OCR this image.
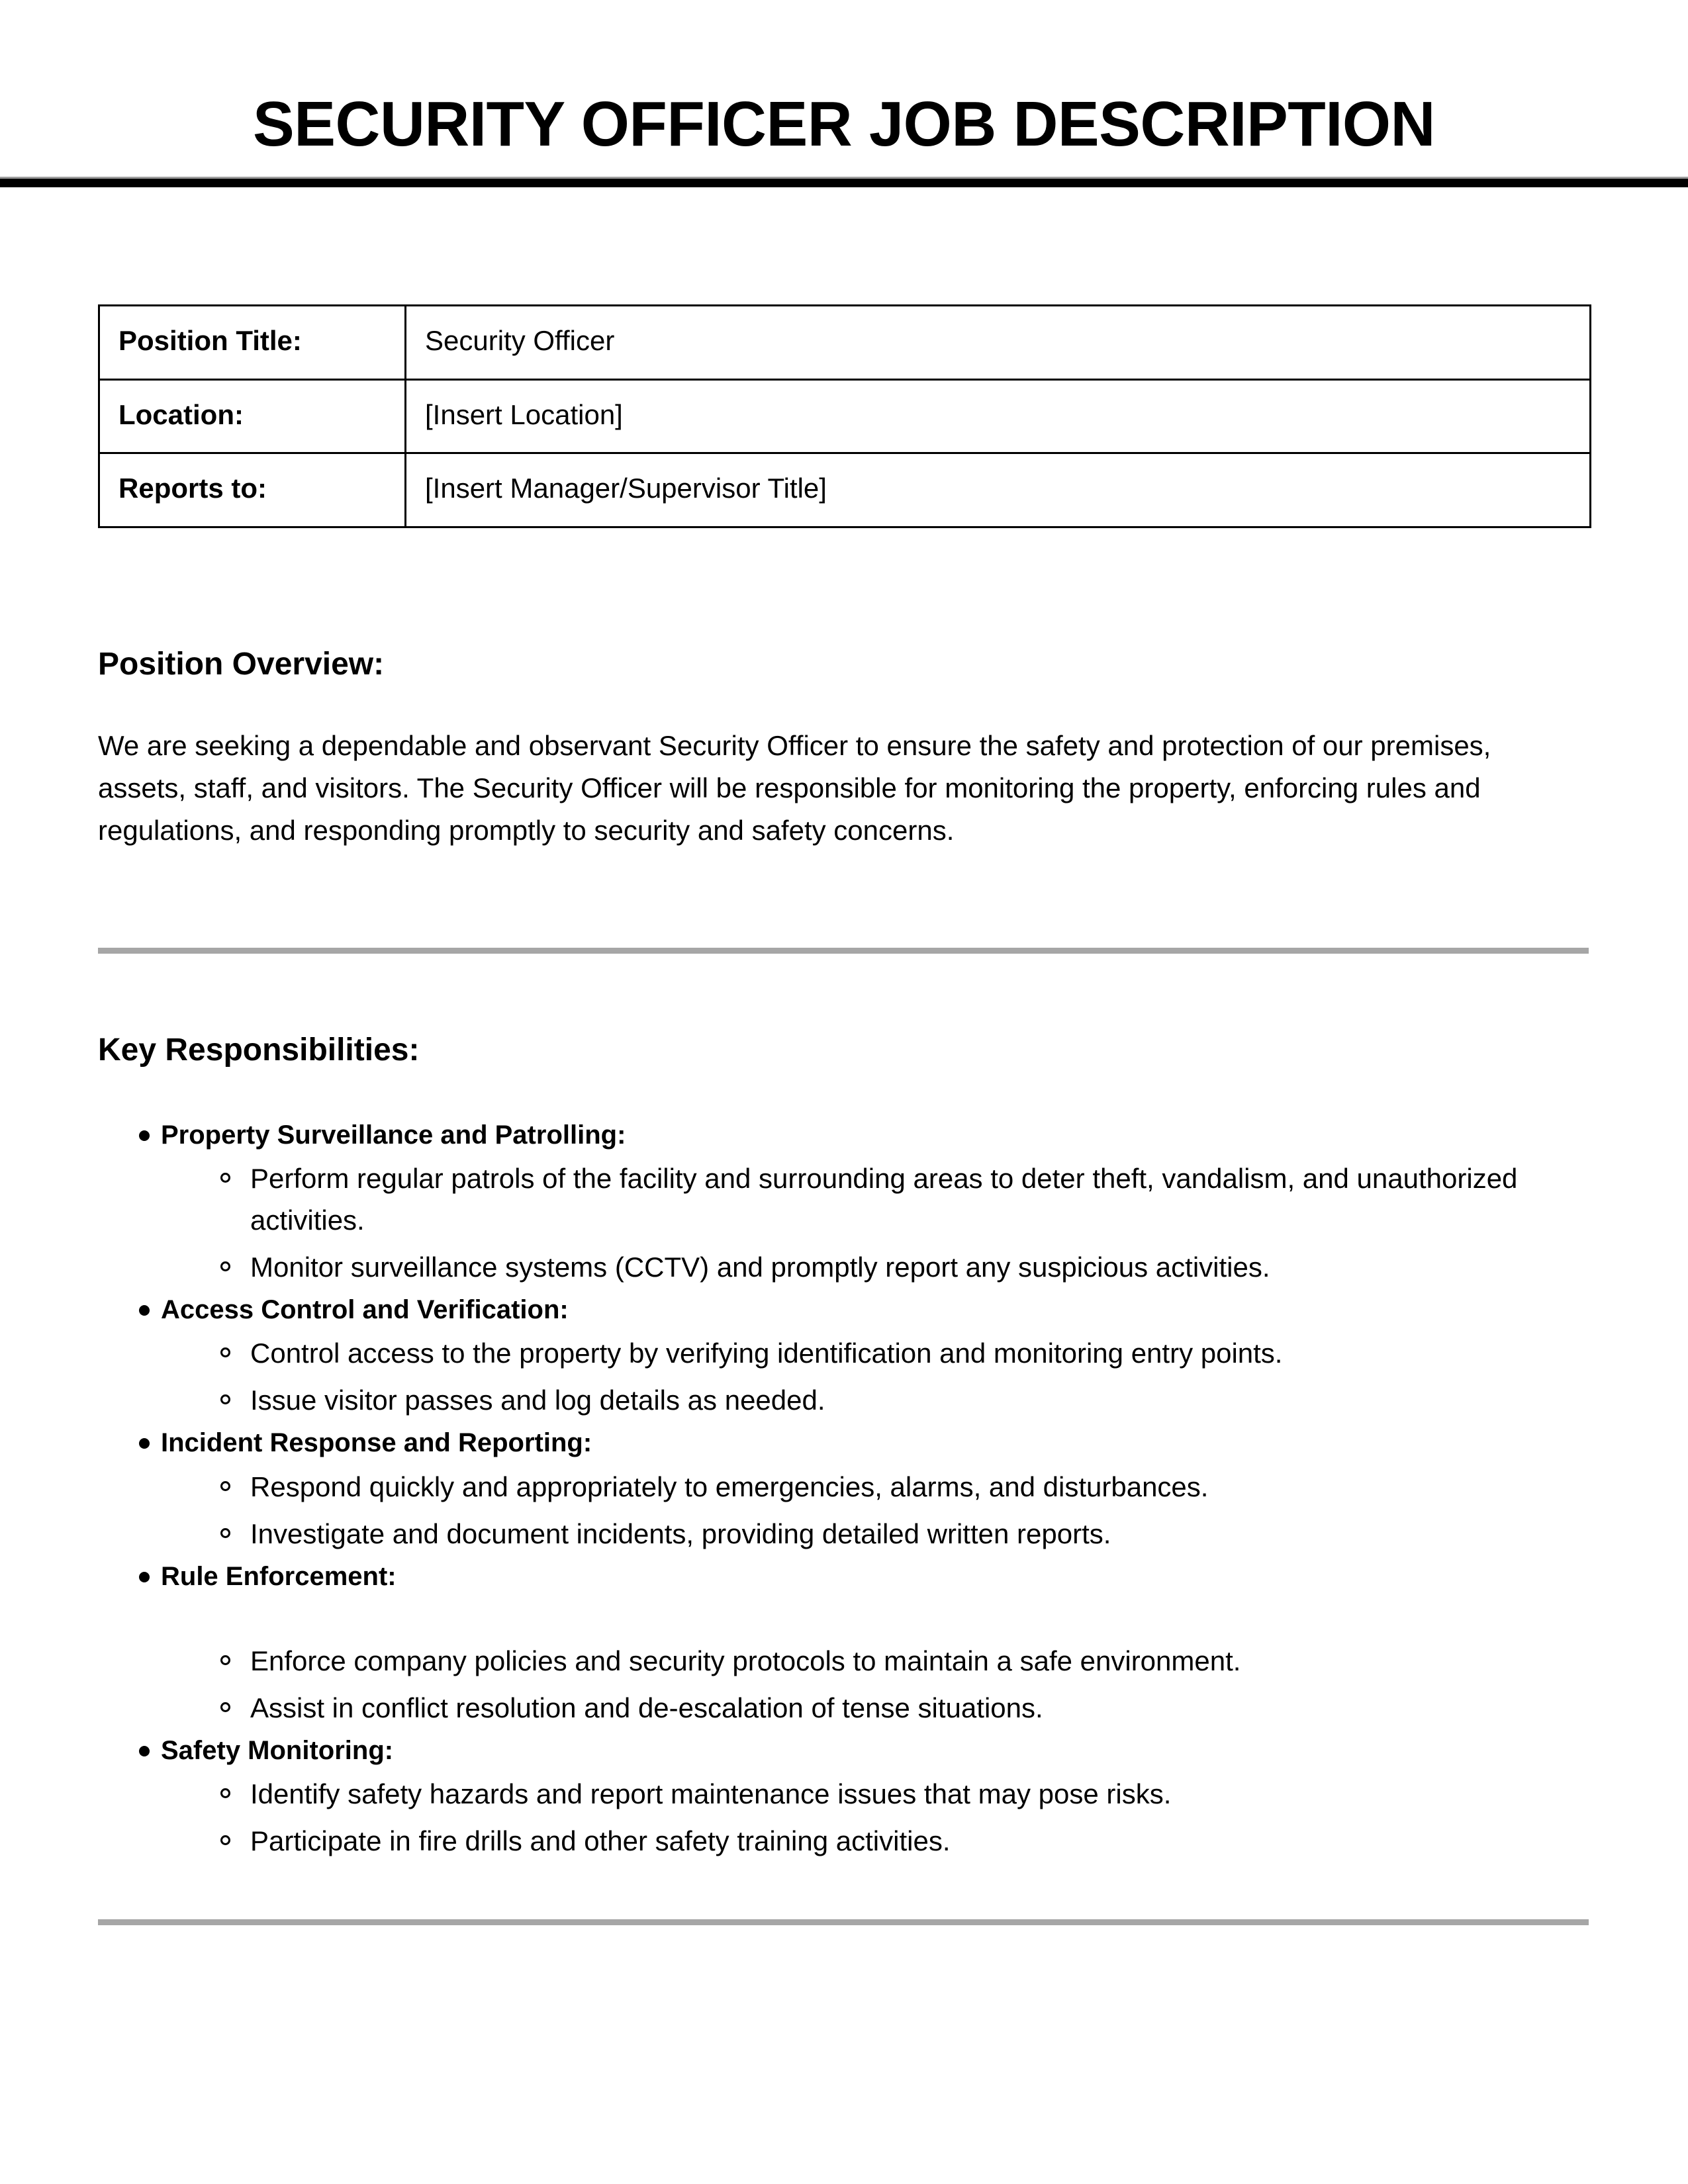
SECURITY OFFICER JOB DESCRIPTION
Position Title:	Security Officer
Location:	[Insert Location]
Reports to:	[Insert Manager/Supervisor Title]
Position Overview:

We are seeking a dependable and observant Security Officer to ensure the safety and protection of our premises, assets, staff, and visitors. The Security Officer will be responsible for monitoring the property, enforcing rules and regulations, and responding promptly to security and safety concerns.

Key Responsibilities:
Property Surveillance and Patrolling:
Perform regular patrols of the facility and surrounding areas to deter theft, vandalism, and unauthorized activities.
Monitor surveillance systems (CCTV) and promptly report any suspicious activities.
Access Control and Verification:
Control access to the property by verifying identification and monitoring entry points.
Issue visitor passes and log details as needed.
Incident Response and Reporting:
Respond quickly and appropriately to emergencies, alarms, and disturbances.
Investigate and document incidents, providing detailed written reports.
Rule Enforcement:
Enforce company policies and security protocols to maintain a safe environment.
Assist in conflict resolution and de-escalation of tense situations.
Safety Monitoring:
Identify safety hazards and report maintenance issues that may pose risks.
Participate in fire drills and other safety training activities.
